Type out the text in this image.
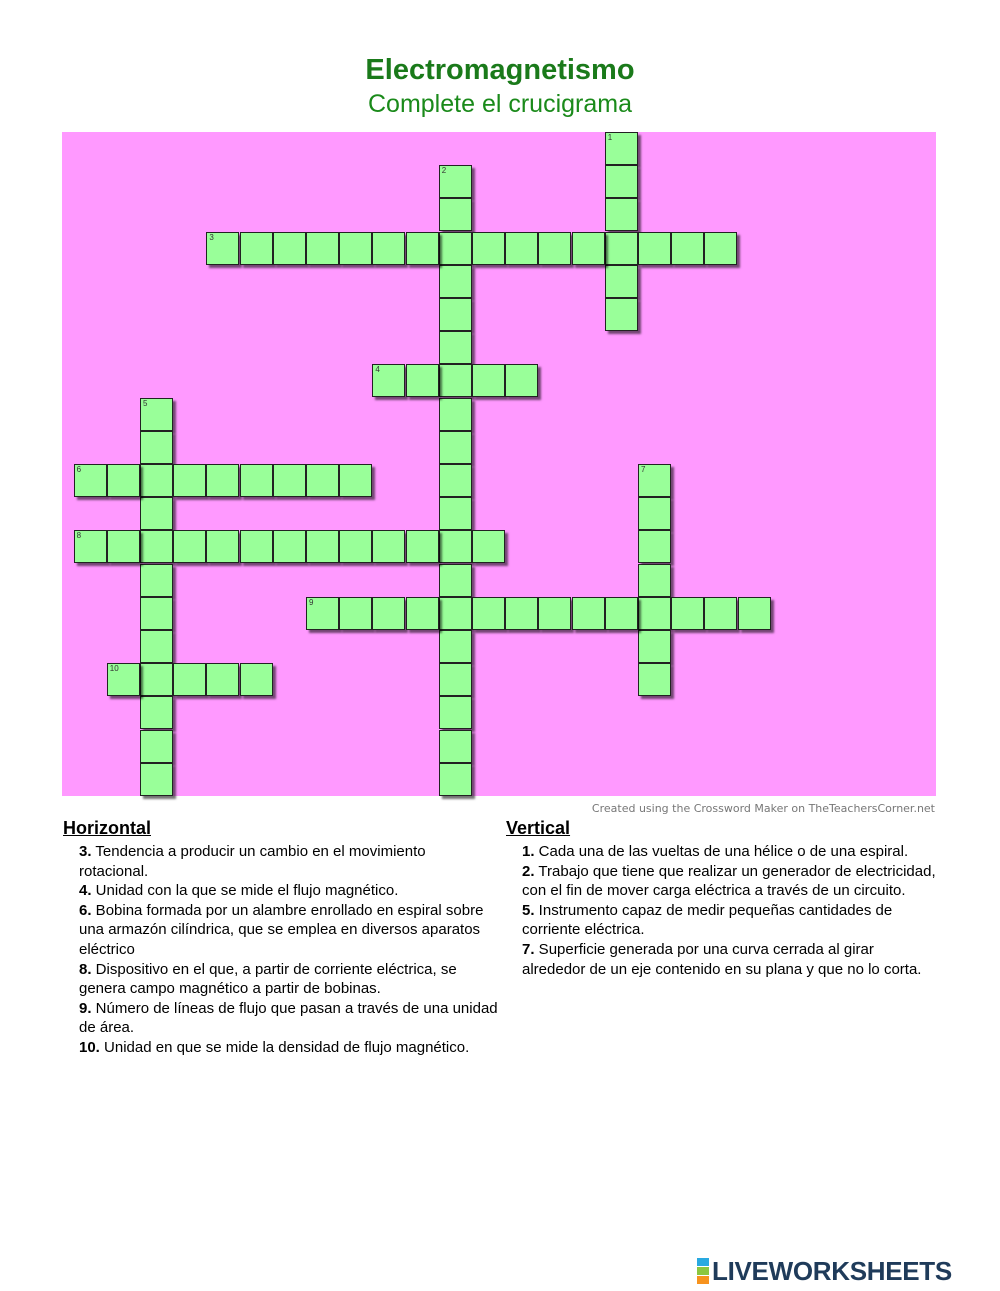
Electromagnetismo
Complete el crucigrama
1
2
3
4
5
6	7
8
9
10
Created using the Crossword Maker on TheTeachersCorner.net
Horizontal
3. Tendencia a producir un cambio en el movimiento rotacional.
4. Unidad con la que se mide el flujo magnético.
6. Bobina formada por un alambre enrollado en espiral sobre una armazón cilíndrica, que se emplea en diversos aparatos eléctrico
8. Dispositivo en el que, a partir de corriente eléctrica, se genera campo magnético a partir de bobinas.
9. Número de líneas de flujo que pasan a través de una unidad de área.
10. Unidad en que se mide la densidad de flujo magnético.
Vertical
1. Cada una de las vueltas de una hélice o de una espiral.
2. Trabajo que tiene que realizar un generador de electricidad, con el fin de mover carga eléctrica a través de un circuito.
5. Instrumento capaz de medir pequeñas cantidades de corriente eléctrica.
7. Superficie generada por una curva cerrada al girar alrededor de un eje contenido en su plana y que no lo corta.
LIVEWORKSHEETS
